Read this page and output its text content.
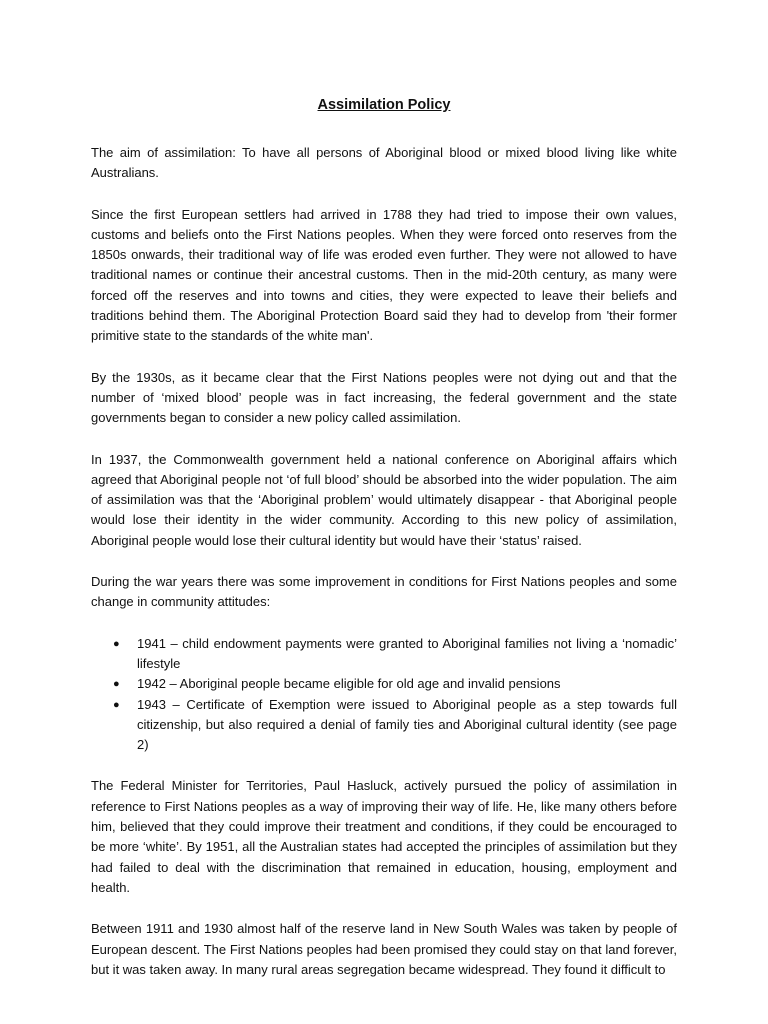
Assimilation Policy

The aim of assimilation: To have all persons of Aboriginal blood or mixed blood living like white Australians.

Since the first European settlers had arrived in 1788 they had tried to impose their own values, customs and beliefs onto the First Nations peoples. When they were forced onto reserves from the 1850s onwards, their traditional way of life was eroded even further. They were not allowed to have traditional names or continue their ancestral customs. Then in the mid-20th century, as many were forced off the reserves and into towns and cities, they were expected to leave their beliefs and traditions behind them. The Aboriginal Protection Board said they had to develop from 'their former primitive state to the standards of the white man'.

By the 1930s, as it became clear that the First Nations peoples were not dying out and that the number of ‘mixed blood’ people was in fact increasing, the federal government and the state governments began to consider a new policy called assimilation.

In 1937, the Commonwealth government held a national conference on Aboriginal affairs which agreed that Aboriginal people not ‘of full blood’ should be absorbed into the wider population. The aim of assimilation was that the ‘Aboriginal problem’ would ultimately disappear - that Aboriginal people would lose their identity in the wider community. According to this new policy of assimilation, Aboriginal people would lose their cultural identity but would have their ‘status’ raised.

During the war years there was some improvement in conditions for First Nations peoples and some change in community attitudes:

● 1941 – child endowment payments were granted to Aboriginal families not living a ‘nomadic’ lifestyle
● 1942 – Aboriginal people became eligible for old age and invalid pensions
● 1943 – Certificate of Exemption were issued to Aboriginal people as a step towards full citizenship, but also required a denial of family ties and Aboriginal cultural identity (see page 2)

The Federal Minister for Territories, Paul Hasluck, actively pursued the policy of assimilation in reference to First Nations peoples as a way of improving their way of life. He, like many others before him, believed that they could improve their treatment and conditions, if they could be encouraged to be more ‘white’. By 1951, all the Australian states had accepted the principles of assimilation but they had failed to deal with the discrimination that remained in education, housing, employment and health.

Between 1911 and 1930 almost half of the reserve land in New South Wales was taken by people of European descent. The First Nations peoples had been promised they could stay on that land forever, but it was taken away. In many rural areas segregation became widespread. They found it difficult to
